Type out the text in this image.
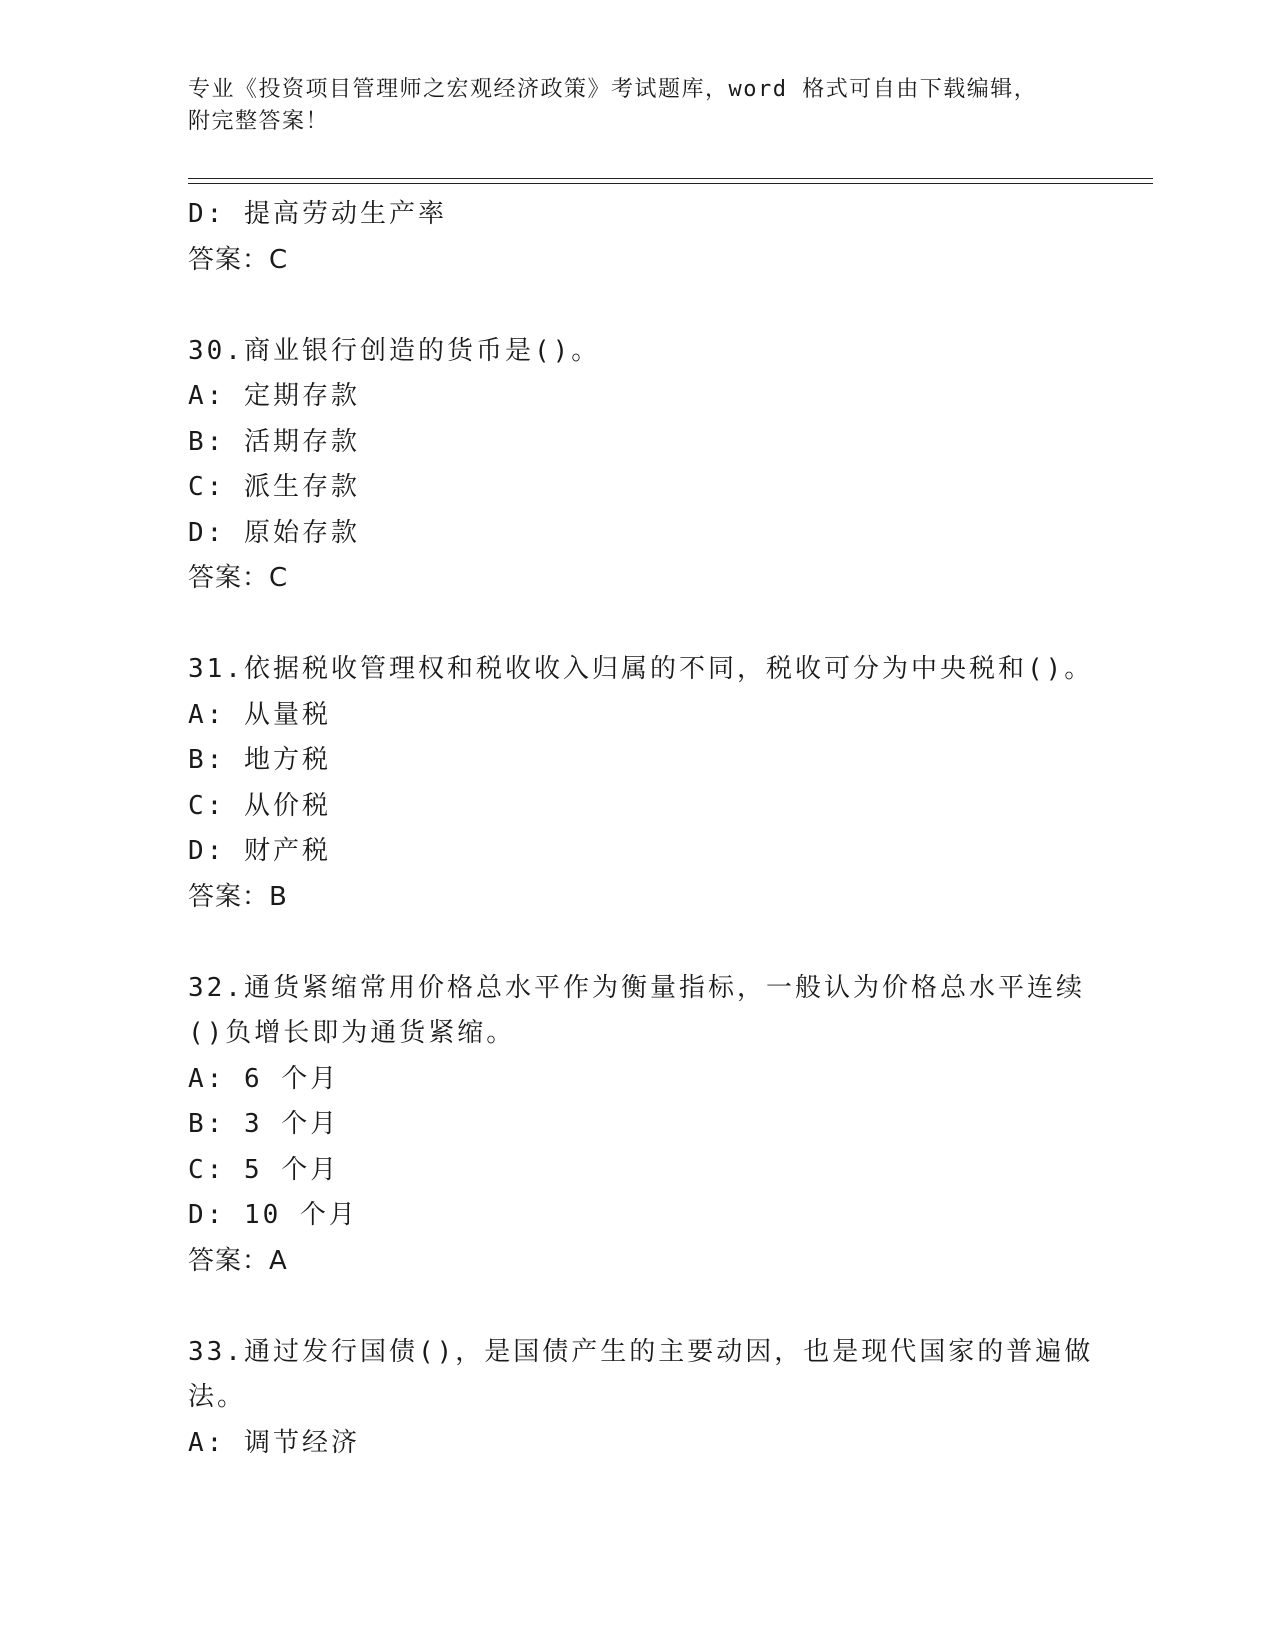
专业《投资项目管理师之宏观经济政策》考试题库，word 格式可自由下载编辑，
附完整答案！
D: 提高劳动生产率
答案：C
30.商业银行创造的货币是()。
A: 定期存款
B: 活期存款
C: 派生存款
D: 原始存款
答案：C
31.依据税收管理权和税收收入归属的不同，税收可分为中央税和()。
A: 从量税
B: 地方税
C: 从价税
D: 财产税
答案：B
32.通货紧缩常用价格总水平作为衡量指标，一般认为价格总水平连续
()负增长即为通货紧缩。
A: 6 个月
B: 3 个月
C: 5 个月
D: 10 个月
答案：A
33.通过发行国债()，是国债产生的主要动因，也是现代国家的普遍做
法。
A: 调节经济
